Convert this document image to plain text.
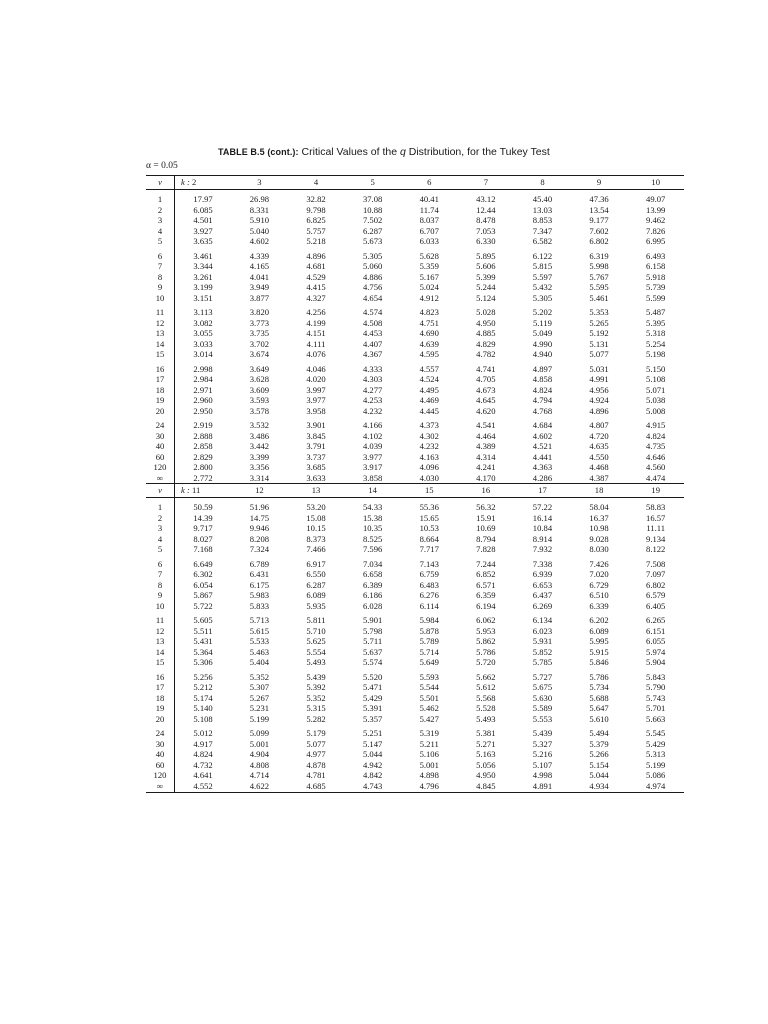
TABLE B.5 (cont.): Critical Values of the q Distribution, for the Tukey Test
α = 0.05
ν	k : 2	3	4	5	6	7	8	9	10
1	17.97	26.98	32.82	37.08	40.41	43.12	45.40	47.36	49.07
2	6.085	8.331	9.798	10.88	11.74	12.44	13.03	13.54	13.99
3	4.501	5.910	6.825	7.502	8.037	8.478	8.853	9.177	9.462
4	3.927	5.040	5.757	6.287	6.707	7.053	7.347	7.602	7.826
5	3.635	4.602	5.218	5.673	6.033	6.330	6.582	6.802	6.995
6	3.461	4.339	4.896	5.305	5.628	5.895	6.122	6.319	6.493
7	3.344	4.165	4.681	5.060	5.359	5.606	5.815	5.998	6.158
8	3.261	4.041	4.529	4.886	5.167	5.399	5.597	5.767	5.918
9	3.199	3.949	4.415	4.756	5.024	5.244	5.432	5.595	5.739
10	3.151	3.877	4.327	4.654	4.912	5.124	5.305	5.461	5.599
11	3.113	3.820	4.256	4.574	4.823	5.028	5.202	5.353	5.487
12	3.082	3.773	4.199	4.508	4.751	4.950	5.119	5.265	5.395
13	3.055	3.735	4.151	4.453	4.690	4.885	5.049	5.192	5.318
14	3.033	3.702	4.111	4.407	4.639	4.829	4.990	5.131	5.254
15	3.014	3.674	4.076	4.367	4.595	4.782	4.940	5.077	5.198
16	2.998	3.649	4.046	4.333	4.557	4.741	4.897	5.031	5.150
17	2.984	3.628	4.020	4.303	4.524	4.705	4.858	4.991	5.108
18	2.971	3.609	3.997	4.277	4.495	4.673	4.824	4.956	5.071
19	2.960	3.593	3.977	4.253	4.469	4.645	4.794	4.924	5.038
20	2.950	3.578	3.958	4.232	4.445	4.620	4.768	4.896	5.008
24	2.919	3.532	3.901	4.166	4.373	4.541	4.684	4.807	4.915
30	2.888	3.486	3.845	4.102	4.302	4.464	4.602	4.720	4.824
40	2.858	3.442	3.791	4.039	4.232	4.389	4.521	4.635	4.735
60	2.829	3.399	3.737	3.977	4.163	4.314	4.441	4.550	4.646
120	2.800	3.356	3.685	3.917	4.096	4.241	4.363	4.468	4.560
∞	2.772	3.314	3.633	3.858	4.030	4.170	4.286	4.387	4.474
ν	k : 11	12	13	14	15	16	17	18	19
1	50.59	51.96	53.20	54.33	55.36	56.32	57.22	58.04	58.83
2	14.39	14.75	15.08	15.38	15.65	15.91	16.14	16.37	16.57
3	9.717	9.946	10.15	10.35	10.53	10.69	10.84	10.98	11.11
4	8.027	8.208	8.373	8.525	8.664	8.794	8.914	9.028	9.134
5	7.168	7.324	7.466	7.596	7.717	7.828	7.932	8.030	8.122
6	6.649	6.789	6.917	7.034	7.143	7.244	7.338	7.426	7.508
7	6.302	6.431	6.550	6.658	6.759	6.852	6.939	7.020	7.097
8	6.054	6.175	6.287	6.389	6.483	6.571	6.653	6.729	6.802
9	5.867	5.983	6.089	6.186	6.276	6.359	6.437	6.510	6.579
10	5.722	5.833	5.935	6.028	6.114	6.194	6.269	6.339	6.405
11	5.605	5.713	5.811	5.901	5.984	6.062	6.134	6.202	6.265
12	5.511	5.615	5.710	5.798	5.878	5.953	6.023	6.089	6.151
13	5.431	5.533	5.625	5.711	5.789	5.862	5.931	5.995	6.055
14	5.364	5.463	5.554	5.637	5.714	5.786	5.852	5.915	5.974
15	5.306	5.404	5.493	5.574	5.649	5.720	5.785	5.846	5.904
16	5.256	5.352	5.439	5.520	5.593	5.662	5.727	5.786	5.843
17	5.212	5.307	5.392	5.471	5.544	5.612	5.675	5.734	5.790
18	5.174	5.267	5.352	5.429	5.501	5.568	5.630	5.688	5.743
19	5.140	5.231	5.315	5.391	5.462	5.528	5.589	5.647	5.701
20	5.108	5.199	5.282	5.357	5.427	5.493	5.553	5.610	5.663
24	5.012	5.099	5.179	5.251	5.319	5.381	5.439	5.494	5.545
30	4.917	5.001	5.077	5.147	5.211	5.271	5.327	5.379	5.429
40	4.824	4.904	4.977	5.044	5.106	5.163	5.216	5.266	5.313
60	4.732	4.808	4.878	4.942	5.001	5.056	5.107	5.154	5.199
120	4.641	4.714	4.781	4.842	4.898	4.950	4.998	5.044	5.086
∞	4.552	4.622	4.685	4.743	4.796	4.845	4.891	4.934	4.974
